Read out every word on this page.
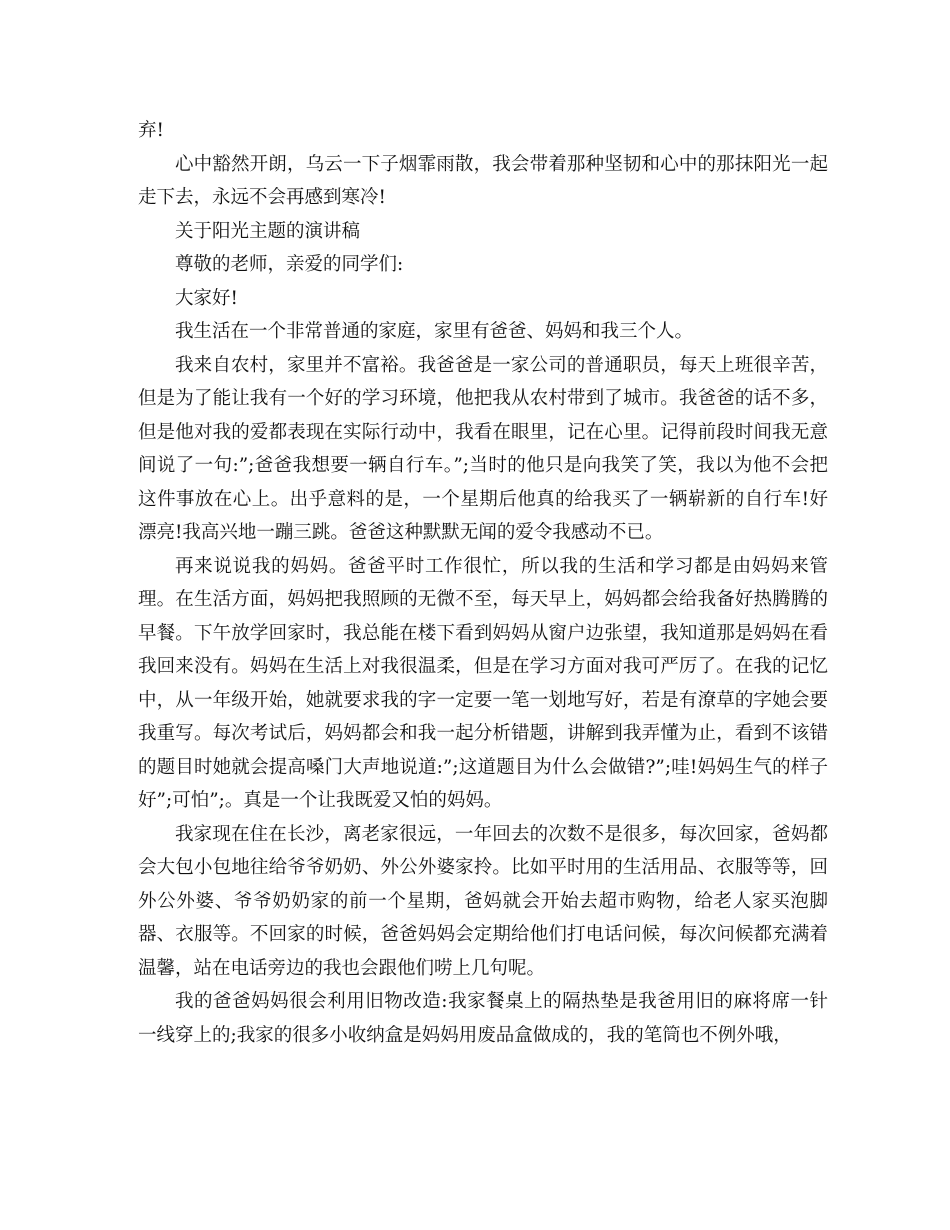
弃!

心中豁然开朗，乌云一下子烟霏雨散，我会带着那种坚韧和心中的那抹阳光一起走下去，永远不会再感到寒冷!

关于阳光主题的演讲稿

尊敬的老师，亲爱的同学们:

大家好!

我生活在一个非常普通的家庭，家里有爸爸、妈妈和我三个人。

我来自农村，家里并不富裕。我爸爸是一家公司的普通职员，每天上班很辛苦，但是为了能让我有一个好的学习环境，他把我从农村带到了城市。我爸爸的话不多，但是他对我的爱都表现在实际行动中，我看在眼里，记在心里。记得前段时间我无意间说了一句:”;爸爸我想要一辆自行车。”;当时的他只是向我笑了笑，我以为他不会把这件事放在心上。出乎意料的是，一个星期后他真的给我买了一辆崭新的自行车!好漂亮!我高兴地一蹦三跳。爸爸这种默默无闻的爱令我感动不已。

再来说说我的妈妈。爸爸平时工作很忙，所以我的生活和学习都是由妈妈来管理。在生活方面，妈妈把我照顾的无微不至，每天早上，妈妈都会给我备好热腾腾的早餐。下午放学回家时，我总能在楼下看到妈妈从窗户边张望，我知道那是妈妈在看我回来没有。妈妈在生活上对我很温柔，但是在学习方面对我可严厉了。在我的记忆中，从一年级开始，她就要求我的字一定要一笔一划地写好，若是有潦草的字她会要我重写。每次考试后，妈妈都会和我一起分析错题，讲解到我弄懂为止，看到不该错的题目时她就会提高嗓门大声地说道:”;这道题目为什么会做错?”;哇!妈妈生气的样子好”;可怕”;。真是一个让我既爱又怕的妈妈。

我家现在住在长沙，离老家很远，一年回去的次数不是很多，每次回家，爸妈都会大包小包地往给爷爷奶奶、外公外婆家拎。比如平时用的生活用品、衣服等等，回外公外婆、爷爷奶奶家的前一个星期，爸妈就会开始去超市购物，给老人家买泡脚器、衣服等。不回家的时候，爸爸妈妈会定期给他们打电话问候，每次问候都充满着温馨，站在电话旁边的我也会跟他们唠上几句呢。

我的爸爸妈妈很会利用旧物改造:我家餐桌上的隔热垫是我爸用旧的麻将席一针一线穿上的;我家的很多小收纳盒是妈妈用废品盒做成的，我的笔筒也不例外哦，
